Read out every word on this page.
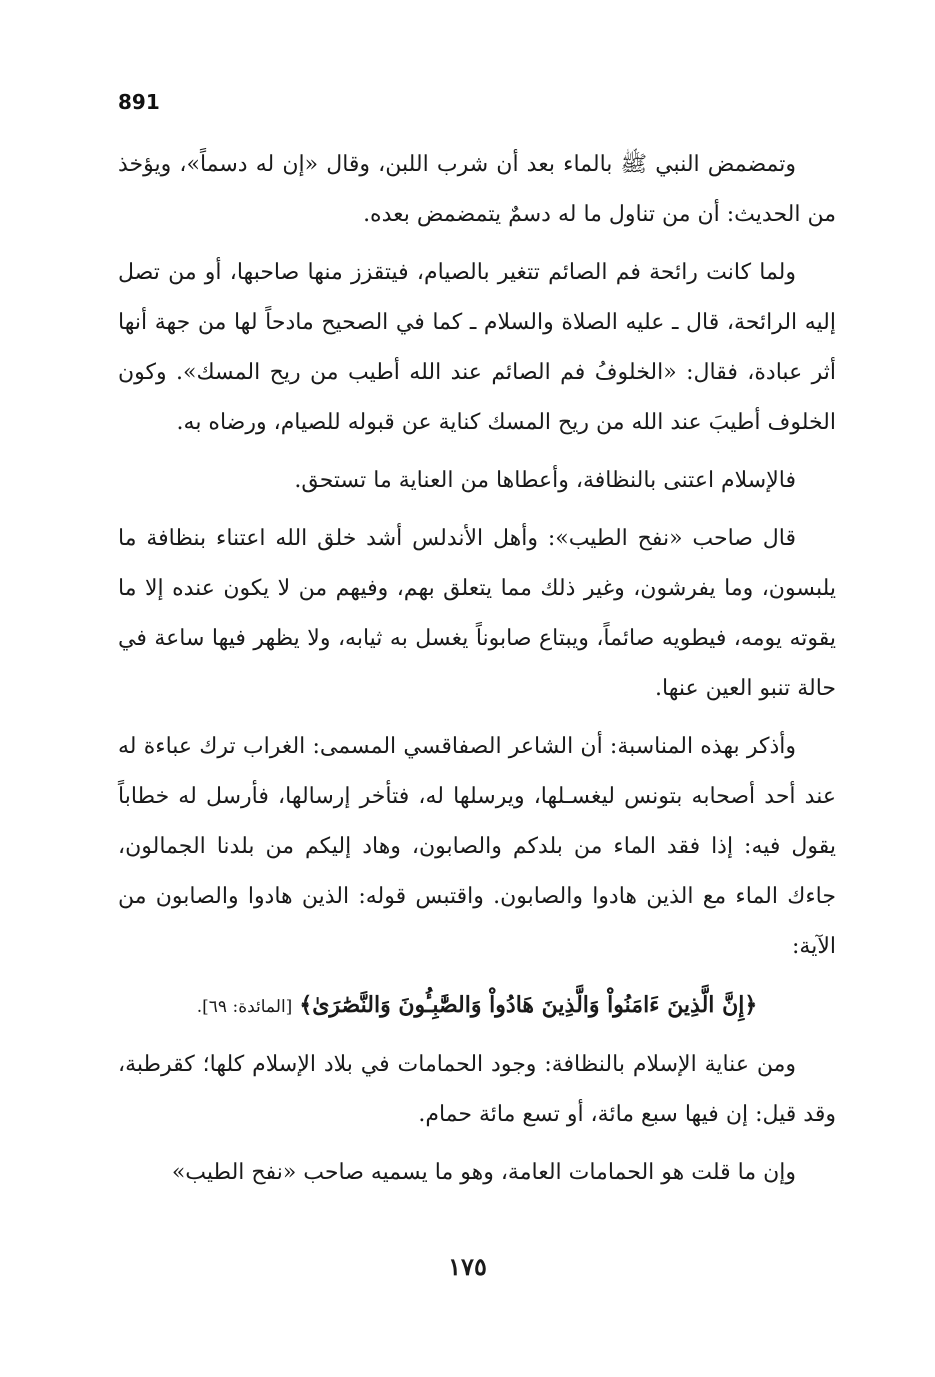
891

وتمضمض النبي ﷺ بالماء بعد أن شرب اللبن، وقال «إن له دسماً»، ويؤخذ من الحديث: أن من تناول ما له دسمٌ يتمضمض بعده.

ولما كانت رائحة فم الصائم تتغير بالصيام، فيتقزز منها صاحبها، أو من تصل إليه الرائحة، قال ـ عليه الصلاة والسلام ـ كما في الصحيح مادحاً لها من جهة أنها أثر عبادة، فقال: «الخلوفُ فم الصائم عند الله أطيب من ريح المسك». وكون الخلوف أطيبَ عند الله من ريح المسك كناية عن قبوله للصيام، ورضاه به.

فالإسلام اعتنى بالنظافة، وأعطاها من العناية ما تستحق.

قال صاحب «نفح الطيب»: وأهل الأندلس أشد خلق الله اعتناء بنظافة ما يلبسون، وما يفرشون، وغير ذلك مما يتعلق بهم، وفيهم من لا يكون عنده إلا ما يقوته يومه، فيطويه صائماً، ويبتاع صابوناً يغسل به ثيابه، ولا يظهر فيها ساعة في حالة تنبو العين عنها.

وأذكر بهذه المناسبة: أن الشاعر الصفاقسي المسمى: الغراب ترك عباءة له عند أحد أصحابه بتونس ليغسـلها، ويرسلها له، فتأخر إرسالها، فأرسل له خطاباً يقول فيه: إذا فقد الماء من بلدكم والصابون، وهاد إليكم من بلدنا الجمالون، جاءك الماء مع الذين هادوا والصابون. واقتبس قوله: الذين هادوا والصابون من الآية:

﴿إِنَّ الَّذِينَ ءَامَنُواْ وَالَّذِينَ هَادُواْ وَالصَّٰبِـُٔونَ وَالنَّصَٰرَىٰ﴾ [المائدة: ٦٩].

ومن عناية الإسلام بالنظافة: وجود الحمامات في بلاد الإسلام كلها؛ كقرطبة، وقد قيل: إن فيها سبع مائة، أو تسع مائة حمام.

وإن ما قلت هو الحمامات العامة، وهو ما يسميه صاحب «نفح الطيب»

١٧٥
